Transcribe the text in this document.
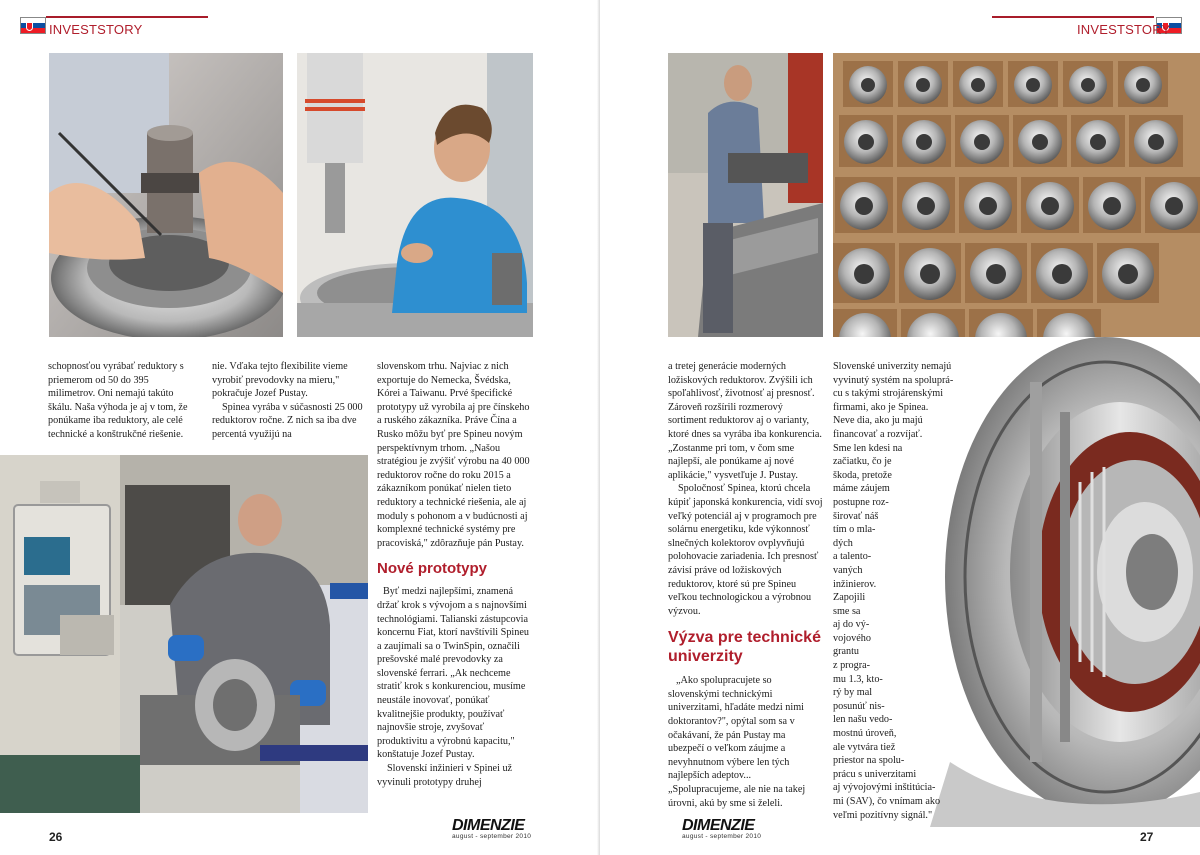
INVESTSTORY

schopnosťou vyrábať reduktory s priemerom od 50 do 395 milimetrov. Oni nemajú takúto škálu. Naša výhoda je aj v tom, že ponúkame iba reduktory, ale celé technické a konštrukčné riešenie.

nie. Vďaka tejto flexibilite vieme vyrobiť prevodovky na mieru," pokračuje Jozef Pustay.

Spinea vyrába v súčasnosti 25 000 reduktorov ročne. Z nich sa iba dve percentá využijú na

slovenskom trhu. Najviac z nich exportuje do Nemecka, Švédska, Kórei a Taiwanu. Prvé špecifické prototypy už vyrobila aj pre čínskeho a ruského zákazníka. Práve Čína a Rusko môžu byť pre Spineu novým perspektívnym trhom. „Našou stratégiou je zvýšiť výrobu na 40 000 reduktorov ročne do roku 2015 a zákazníkom ponúkať nielen tieto reduktory a technické riešenia, ale aj moduly s pohonom a v budúcnosti aj komplexné technické systémy pre pracoviská," zdôrazňuje pán Pustay.

Nové prototypy

Byť medzi najlepšími, znamená držať krok s vývojom a s najnovšími technológiami. Talianski zástupcovia koncernu Fiat, ktorí navštívili Spineu a zaujímali sa o TwinSpin, označili prešovské malé prevodovky za slovenské ferrari. „Ak nechceme stratiť krok s konkurenciou, musíme neustále inovovať, ponúkať kvalitnejšie produkty, používať najnovšie stroje, zvyšovať produktivitu a výrobnú kapacitu," konštatuje Jozef Pustay.

Slovenskí inžinieri v Spinei už vyvinuli prototypy druhej

26
DIMENZIE
august - september 2010
INVESTSTORY

a tretej generácie moderných ložiskových reduktorov. Zvýšili ich spoľahlivosť, životnosť aj presnosť. Zároveň rozšírili rozmerový sortiment reduktorov aj o varianty, ktoré dnes sa vyrába iba konkurencia. „Zostanme pri tom, v čom sme najlepší, ale ponúkame aj nové aplikácie," vysvetľuje J. Pustay.

Spoločnosť Spinea, ktorú chcela kúpiť japonská konkurencia, vidí svoj veľký potenciál aj v programoch pre solárnu energetiku, kde výkonnosť slnečných kolektorov ovplyvňujú polohovacie zariadenia. Ich presnosť závisí práve od ložiskových reduktorov, ktoré sú pre Spineu veľkou technologickou a výrobnou výzvou.

Výzva pre technické univerzity

„Ako spolupracujete so slovenskými technickými univerzitami, hľadáte medzi nimi doktorantov?", opýtal som sa v očakávaní, že pán Pustay ma ubezpečí o veľkom záujme a nevyhnutnom výbere len tých najlepších adeptov... „Spolupracujeme, ale nie na takej úrovni, akú by sme si želeli.

Slovenské univerzity nemajú
vyvinutý systém na spoluprá-
cu s takými strojárenskými
firmami, ako je Spinea.
Neve dia, ako ju majú
financovať a rozvíjať.
Sme len kdesi na
začiatku, čo je
škoda, pretože
máme záujem
postupne roz-
širovať náš
tím o mla-
dých
a talento-
vaných
inžinierov.
Zapojili
sme sa
aj do vý-
vojového
grantu
z progra-
mu 1.3, kto-
rý by mal
posunúť nis-
len našu vedo-
mostnú úroveň,
ale vytvára tiež
priestor na spolu-
prácu s univerzitami
aj vývojovými inštitúcia-
mi (SAV), čo vnímam ako
veľmi pozitívny signál."
DIMENZIE
august - september 2010	27
